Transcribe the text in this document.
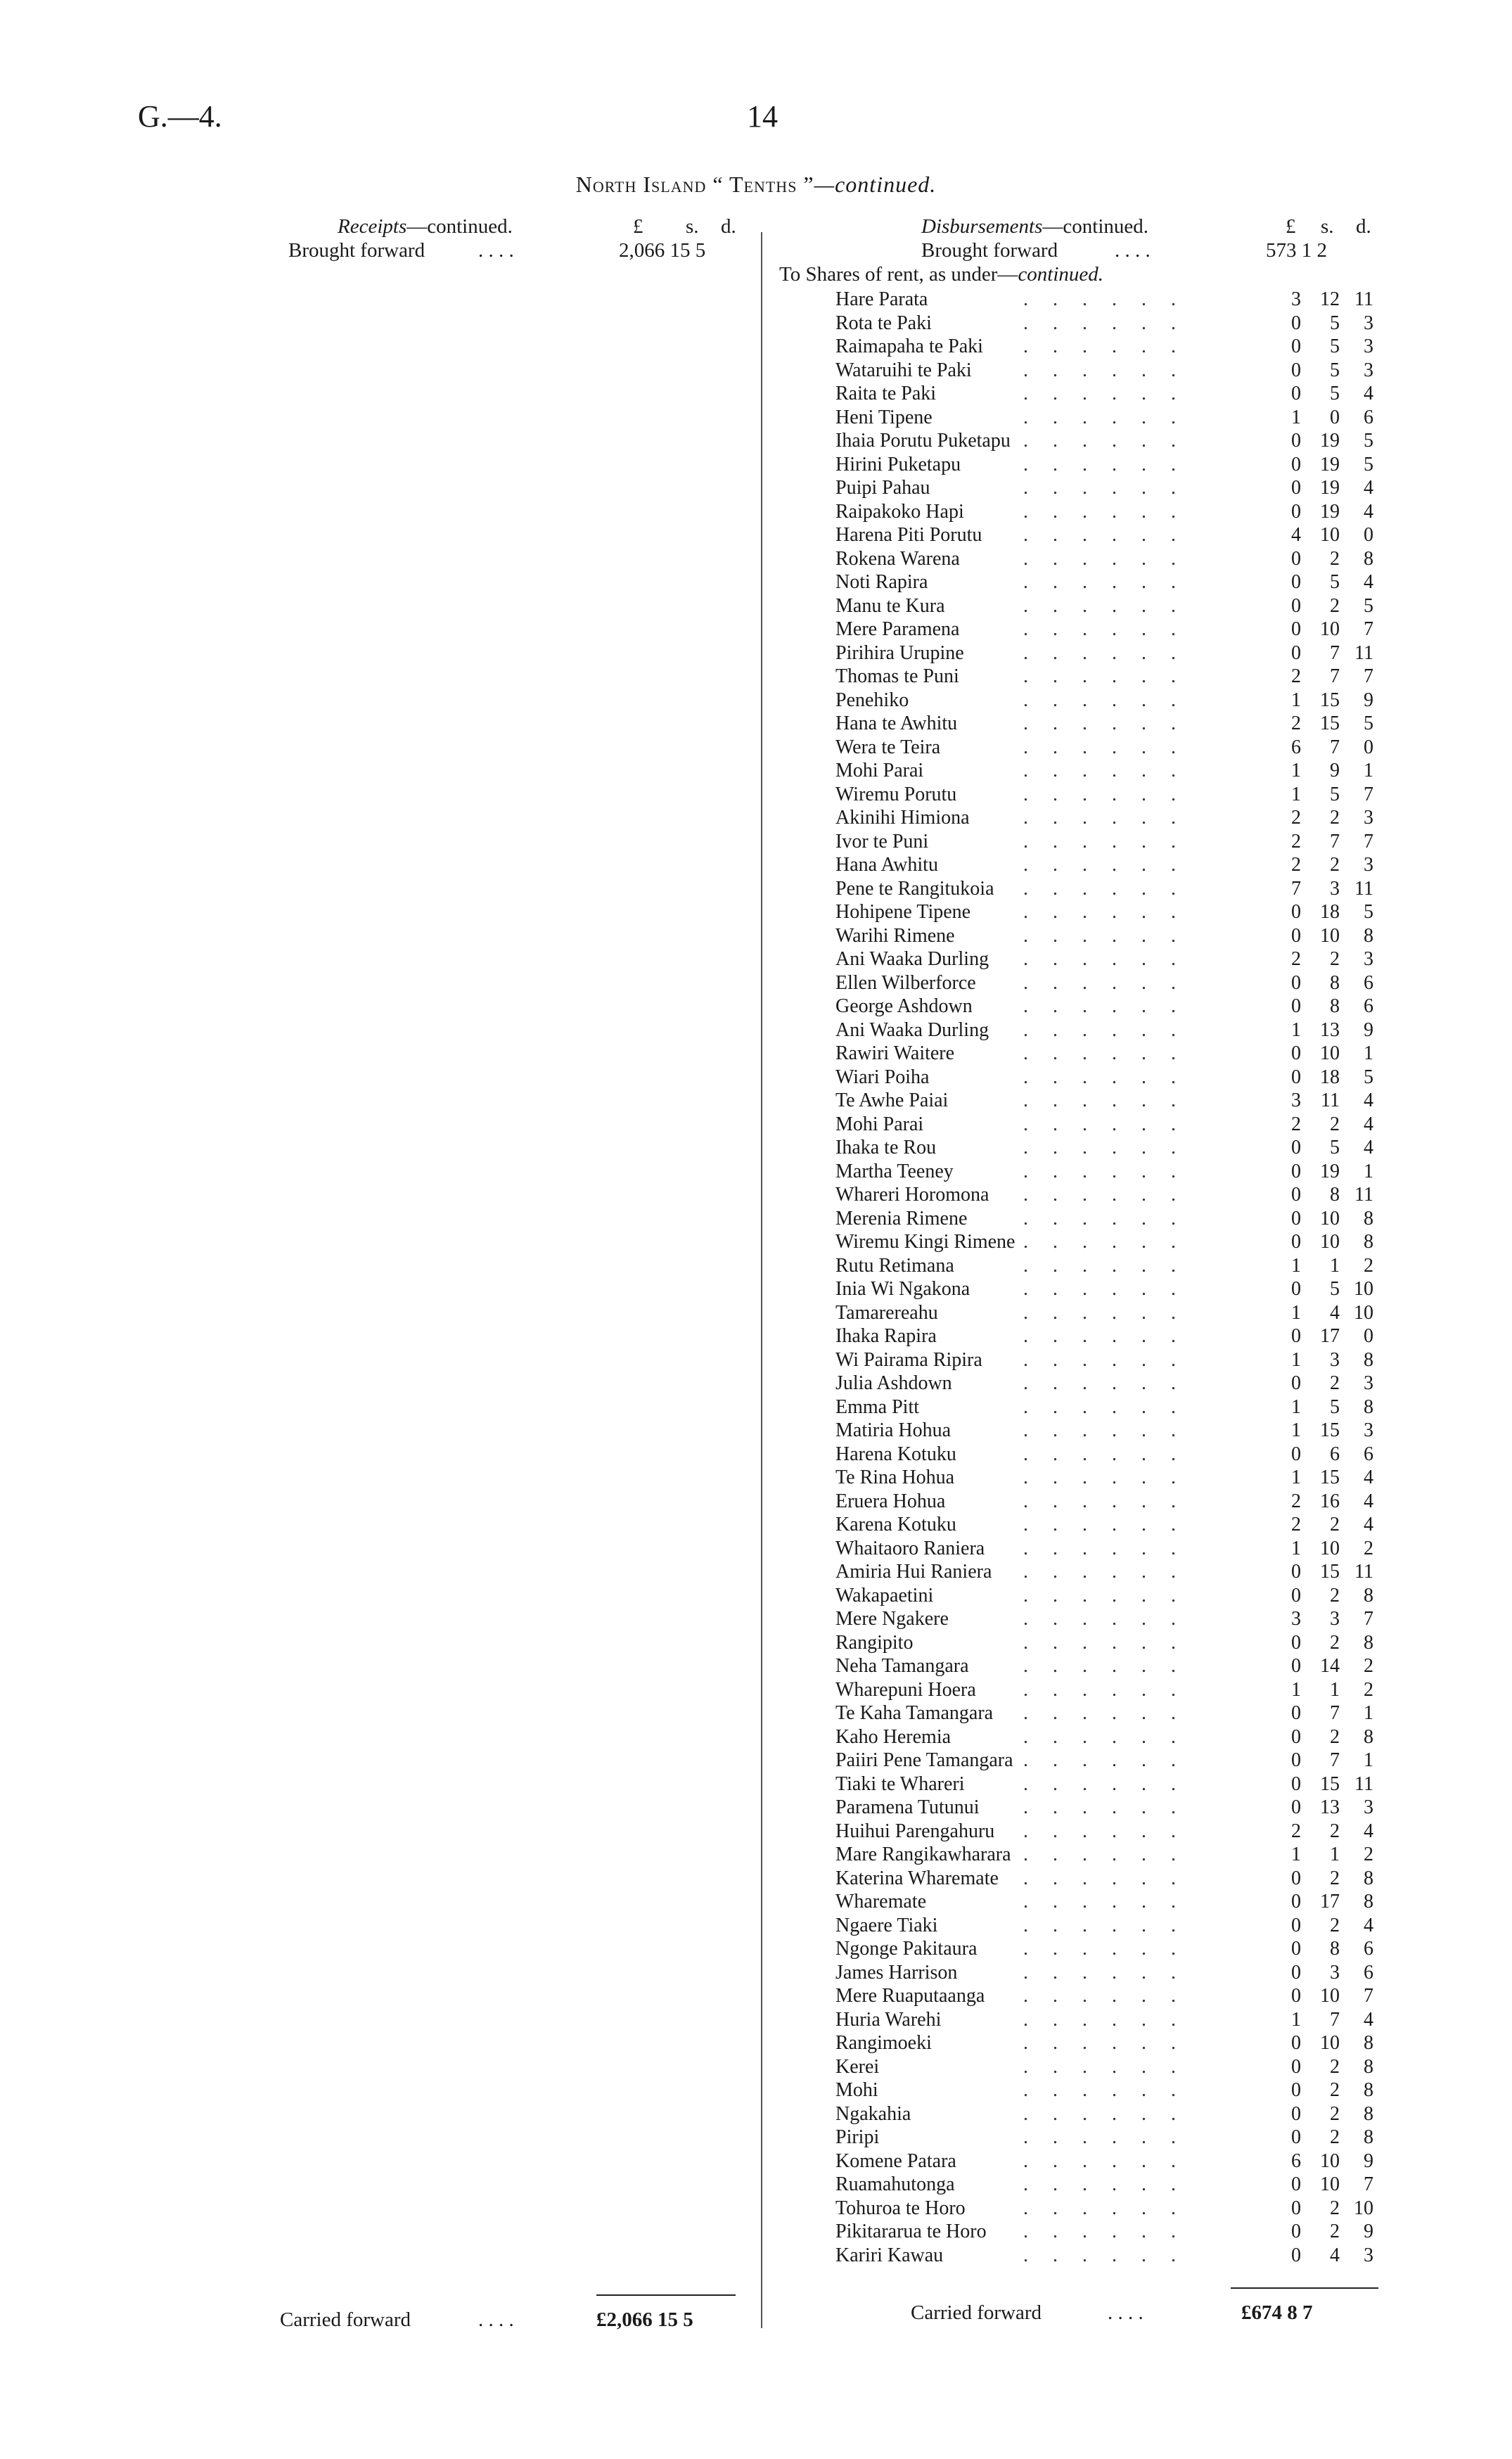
G.—4.	14
North Island “ Tenths ”—continued.
Receipts—continued.	£ s. d.
Brought forward	. . . .	2,066 15 5
Disbursements—continued.	£ s. d.
Brought forward	. . . .	573 1 2
To Shares of rent, as under—continued.
Hare Parata	. . . . . .	3 12 11
Rota te Paki	. . . . . .	0	5	3
Raimapaha te Paki . . . . . .	0	5	3
Wataruihi te Paki	. . . . . .	0	5	3
Raita te Paki	. . . . . .	0	5	4
Heni Tipene	. . . . . .	1	0	6
Ihaia Porutu Puketapu . . . . . .	0 19	5
Hirini Puketapu	. . . . . .	0 19	5
Puipi Pahau	. . . . . .	0 19	4
Raipakoko Hapi	. . . . . .	0 19	4
Harena Piti Porutu . . . . . .	4 10	0
Rokena Warena	. . . . . .	0	2	8
Noti Rapira	. . . . . .	0	5	4
Manu te Kura	. . . . . .	0	2	5
Mere Paramena	. . . . . .	0 10	7
Pirihira Urupine	. . . . . .	0	7 11
Thomas te Puni	. . . . . .	2	7	7
Penehiko	. . . . . .	1 15	9
Hana te Awhitu	. . . . . .	2 15	5
Wera te Teira	. . . . . .	6	7	0
Mohi Parai	. . . . . .	1	9	1
Wiremu Porutu	. . . . . .	1	5	7
Akinihi Himiona	. . . . . .	2	2	3
Ivor te Puni	. . . . . .	2	7	7
Hana Awhitu	. . . . . .	2	2	3
Pene te Rangitukoia . . . . . .	7	3 11
Hohipene Tipene	. . . . . .	0 18	5
Warihi Rimene	. . . . . .	0 10	8
Ani Waaka Durling . . . . . .	2	2	3
Ellen Wilberforce . . . . . .	0	8	6
George Ashdown	. . . . . .	0	8	6
Ani Waaka Durling . . . . . .	1 13	9
Rawiri Waitere	. . . . . .	0 10	1
Wiari Poiha	. . . . . .	0 18	5
Te Awhe Paiai	. . . . . .	3	11	4
Mohi Parai	. . . . . .	2	2	4
Ihaka te Rou	. . . . . .	0	5	4
Martha Teeney	. . . . . .	0 19	1
Whareri Horomona . . . . . .	0	8 11
Merenia Rimene	. . . . . .	0 10	8
Wiremu Kingi Rimene . . . . . .	0 10	8
Rutu Retimana	. . . . . .	1	1	2
Inia Wi Ngakona	. . . . . .	0	5 10
Tamarereahu	. . . . . .	1	4 10
Ihaka Rapira	. . . . . .	0 17	0
Wi Pairama Ripira . . . . . .	1	3	8
Julia Ashdown	. . . . . .	0	2	3
Emma Pitt	. . . . . .	1	5	8
Matiria Hohua	. . . . . .	1 15	3
Harena Kotuku	. . . . . .	0	6	6
Te Rina Hohua	. . . . . .	1 15	4
Eruera Hohua	. . . . . .	2 16	4
Karena Kotuku	. . . . . .	2	2	4
Whaitaoro Raniera . . . . . .	1 10	2
Amiria Hui Raniera . . . . . .	0 15 11
Wakapaetini	. . . . . .	0	2	8
Mere Ngakere	. . . . . .	3	3	7
Rangipito	. . . . . .	0	2	8
Neha Tamangara	. . . . . .	0 14	2
Wharepuni Hoera . . . . . .	1	1	2
Te Kaha Tamangara . . . . . .	0	7	1
Kaho Heremia	. . . . . .	0	2	8
Paiiri Pene Tamangara . . . . . .	0	7	1
Tiaki te Whareri	. . . . . .	0 15 11
Paramena Tutunui . . . . . .	0 13	3
Huihui Parengahuru . . . . . .	2	2	4
Mare Rangikawharara . . . . . .	1	1	2
Katerina Wharemate . . . . . .	0	2	8
Wharemate	. . . . . .	0 17	8
Ngaere Tiaki	. . . . . .	0	2	4
Ngonge Pakitaura . . . . . .	0	8	6
James Harrison	. . . . . .	0	3	6
Mere Ruaputaanga . . . . . .	0 10	7
Huria Warehi	. . . . . .	1	7	4
Rangimoeki	. . . . . .	0 10	8
Kerei	. . . . . .	0	2	8
Mohi	. . . . . .	0	2	8
Ngakahia	. . . . . .	0	2	8
Piripi	. . . . . .	0	2	8
Komene Patara	. . . . . .	6 10	9
Ruamahutonga	. . . . . .	0 10	7
Tohuroa te Horo	. . . . . .	0	2 10
Pikitararua te Horo . . . . . .	0	2	9
Kariri Kawau	. . . . . .	0	4	3
Carried forward	. . . .	£2,066 15 5	Carried forward	. . . .	£674 8 7
